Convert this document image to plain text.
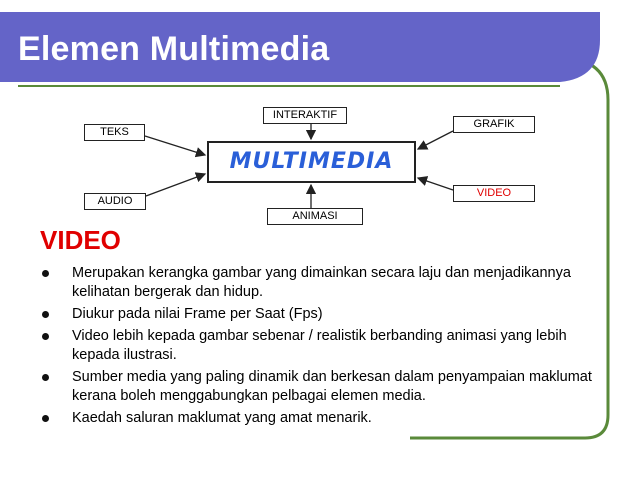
Elemen Multimedia
INTERAKTIF
TEKS
GRAFIK
AUDIO
VIDEO
ANIMASI
MULTIMEDIA
VIDEO
Merupakan kerangka gambar yang dimainkan secara laju dan menjadikannya kelihatan bergerak dan hidup.
Diukur pada nilai Frame per Saat (Fps)
Video lebih kepada gambar sebenar / realistik berbanding animasi yang lebih kepada ilustrasi.
Sumber media yang paling dinamik dan berkesan dalam penyampaian maklumat kerana boleh menggabungkan pelbagai elemen media.
Kaedah saluran maklumat yang amat menarik.
